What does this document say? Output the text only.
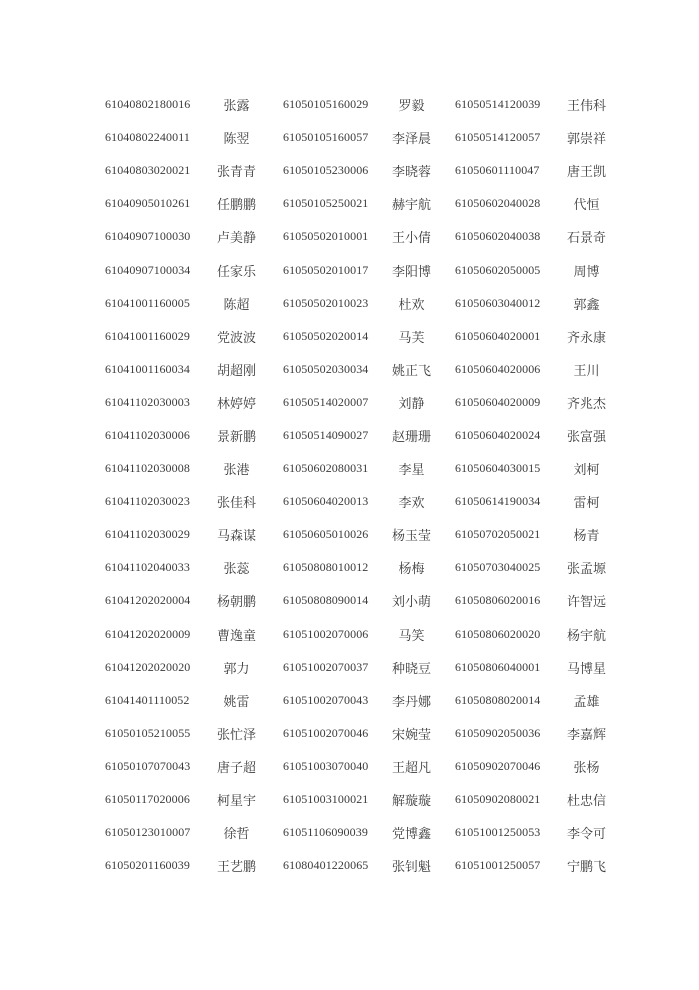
61040802180016	张露	61050105160029	罗毅	61050514120039	王伟科
61040802240011	陈翌	61050105160057	李泽晨	61050514120057	郭崇祥
61040803020021	张青青	61050105230006	李晓蓉	61050601110047	唐王凯
61040905010261	任鹏鹏	61050105250021	赫宇航	61050602040028	代恒
61040907100030	卢美静	61050502010001	王小倩	61050602040038	石景奇
61040907100034	任家乐	61050502010017	李阳博	61050602050005	周博
61041001160005	陈超	61050502010023	杜欢	61050603040012	郭鑫
61041001160029	党波波	61050502020014	马芙	61050604020001	齐永康
61041001160034	胡超刚	61050502030034	姚正飞	61050604020006	王川
61041102030003	林婷婷	61050514020007	刘静	61050604020009	齐兆杰
61041102030006	景新鹏	61050514090027	赵珊珊	61050604020024	张富强
61041102030008	张港	61050602080031	李星	61050604030015	刘柯
61041102030023	张佳科	61050604020013	李欢	61050614190034	雷柯
61041102030029	马森谋	61050605010026	杨玉莹	61050702050021	杨青
61041102040033	张蕊	61050808010012	杨梅	61050703040025	张孟塬
61041202020004	杨朝鹏	61050808090014	刘小萌	61050806020016	许智远
61041202020009	曹逸童	61051002070006	马笑	61050806020020	杨宇航
61041202020020	郭力	61051002070037	种晓豆	61050806040001	马博星
61041401110052	姚雷	61051002070043	李丹娜	61050808020014	孟雄
61050105210055	张忙泽	61051002070046	宋婉莹	61050902050036	李嘉辉
61050107070043	唐子超	61051003070040	王超凡	61050902070046	张杨
61050117020006	柯星宇	61051003100021	解璇璇	61050902080021	杜忠信
61050123010007	徐哲	61051106090039	党博鑫	61051001250053	李令可
61050201160039	王艺鹏	61080401220065	张钊魁	61051001250057	宁鹏飞
